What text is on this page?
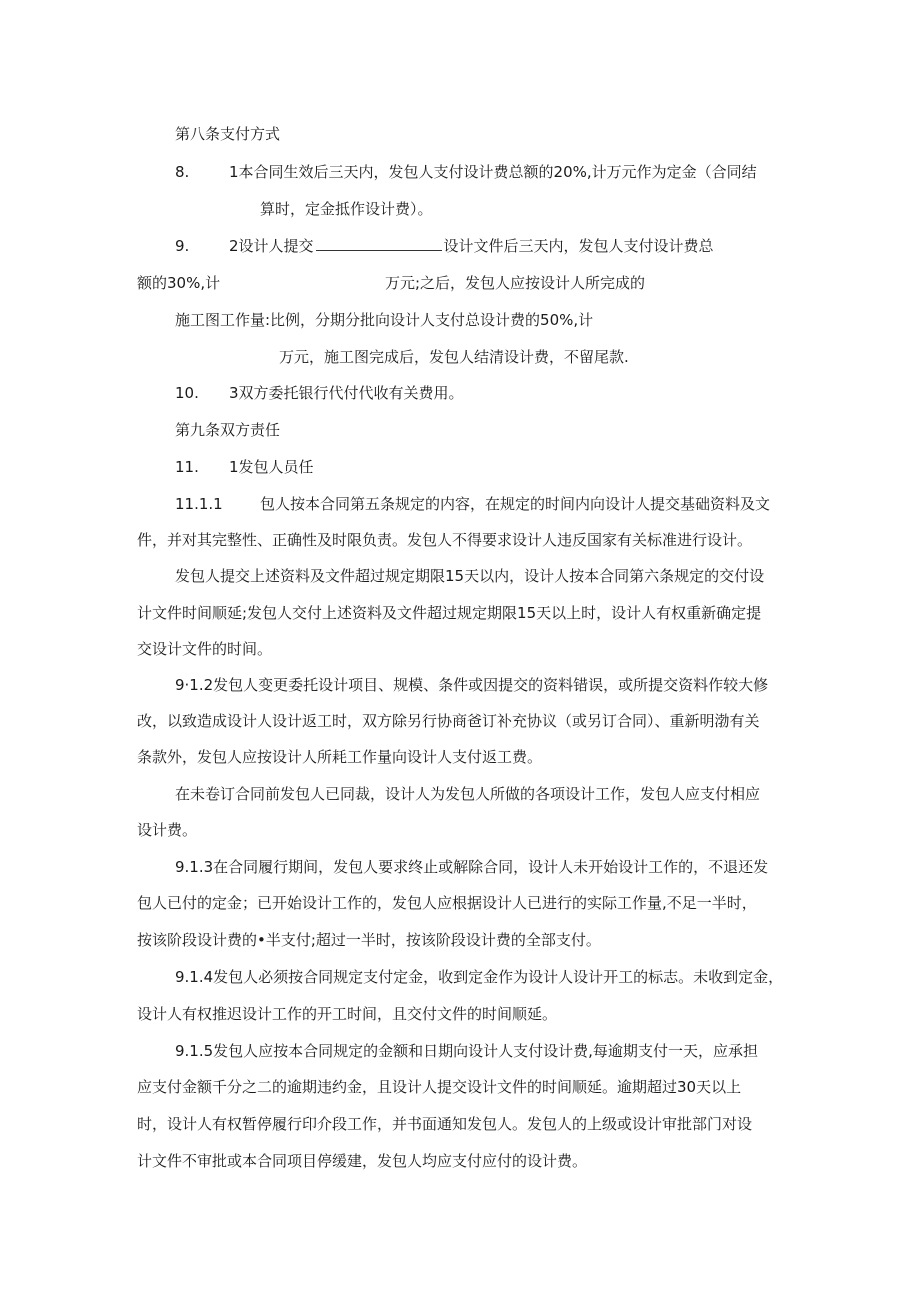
第八条支付方式
8.	1本合同生效后三天内，发包人支付设计费总额的20%,计万元作为定金（合同结
算时，定金抵作设计费）。
9.	2设计人提交	设计文件后三天内，发包人支付设计费总
额的30%,计	万元;之后，发包人应按设计人所完成的
施工图工作量:比例，分期分批向设计人支付总设计费的50%,计
万元，施工图完成后，发包人结清设计费，不留尾款.
10. 3双方委托银行代付代收有关费用。
第九条双方责任
11. 1发包人员任
11.1.1 包人按本合同第五条规定的内容，在规定的时间内向设计人提交基础资料及文
件，并对其完整性、正确性及时限负责。发包人不得要求设计人违反国家有关标准进行设计。
发包人提交上述资料及文件超过规定期限15天以内，设计人按本合同第六条规定的交付设
计文件时间顺延;发包人交付上述资料及文件超过规定期限15天以上时，设计人有权重新确定提
交设计文件的时间。
9·1.2发包人变更委托设计项目、规模、条件或因提交的资料错误，或所提交资料作较大修
改，以致造成设计人设计返工时，双方除另行协商爸订补充协议（或另订合同）、重新明渤有关
条款外，发包人应按设计人所耗工作量向设计人支付返工费。
在未卷订合同前发包人已同裁，设计人为发包人所做的各项设计工作，发包人应支付相应
设计费。
9.1.3在合同履行期间，发包人要求终止或解除合同，设计人未开始设计工作的，不退还发
包人已付的定金；已开始设计工作的，发包人应根据设计人已进行的实际工作量,不足一半时，
按该阶段设计费的•半支付;超过一半时，按该阶段设计费的全部支付。
9.1.4发包人必须按合同规定支付定金，收到定金作为设计人设计开工的标志。未收到定金，
设计人有权推迟设计工作的开工时间，且交付文件的时间顺延。
9.1.5发包人应按本合同规定的金额和日期向设计人支付设计费,每逾期支付一天，应承担
应支付金额千分之二的逾期违约金，且设计人提交设计文件的时间顺延。逾期超过30天以上
时，设计人有权暂停履行印介段工作，并书面通知发包人。发包人的上级或设计审批部门对设
计文件不审批或本合同项目停缓建，发包人均应支付应付的设计费。
